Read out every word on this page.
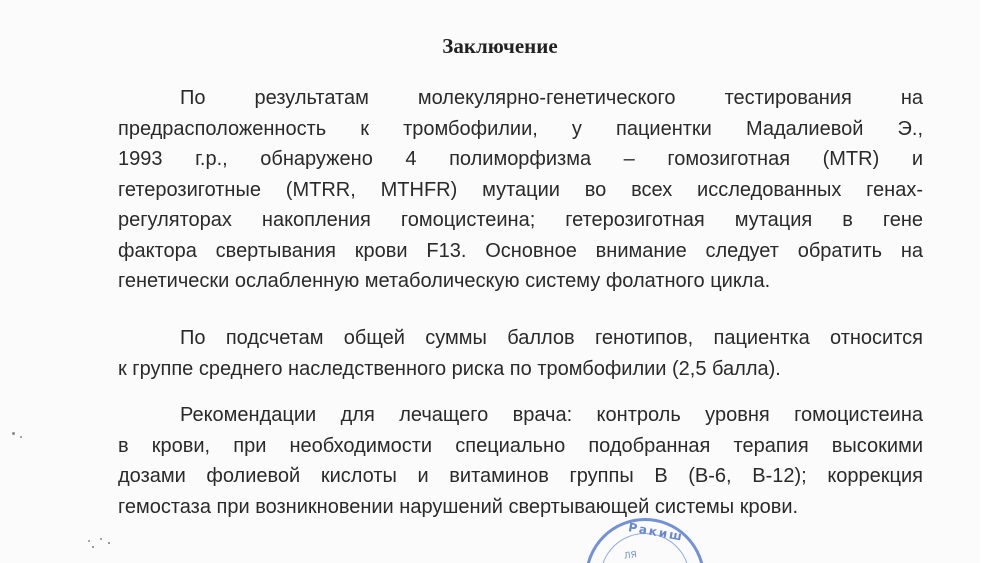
Заключение
По результатам молекулярно-генетического тестирования на
предрасположенность к тромбофилии, у пациентки Мадалиевой Э.,
1993 г.р., обнаружено 4 полиморфизма – гомозиготная (MTR) и
гетерозиготные (MTRR, MTHFR) мутации во всех исследованных генах-
регуляторах накопления гомоцистеина; гетерозиготная мутация в гене
фактора свертывания крови F13. Основное внимание следует обратить на
генетически ослабленную метаболическую систему фолатного цикла.
По подсчетам общей суммы баллов генотипов, пациентка относится
к группе среднего наследственного риска по тромбофилии (2,5 балла).
Рекомендации для лечащего врача: контроль уровня гомоцистеина
в крови, при необходимости специально подобранная терапия высокими
дозами фолиевой кислоты и витаминов группы В (В-6, В-12); коррекция
гемостаза при возникновении нарушений свертывающей системы крови.
Ракиш
ЛЯ
